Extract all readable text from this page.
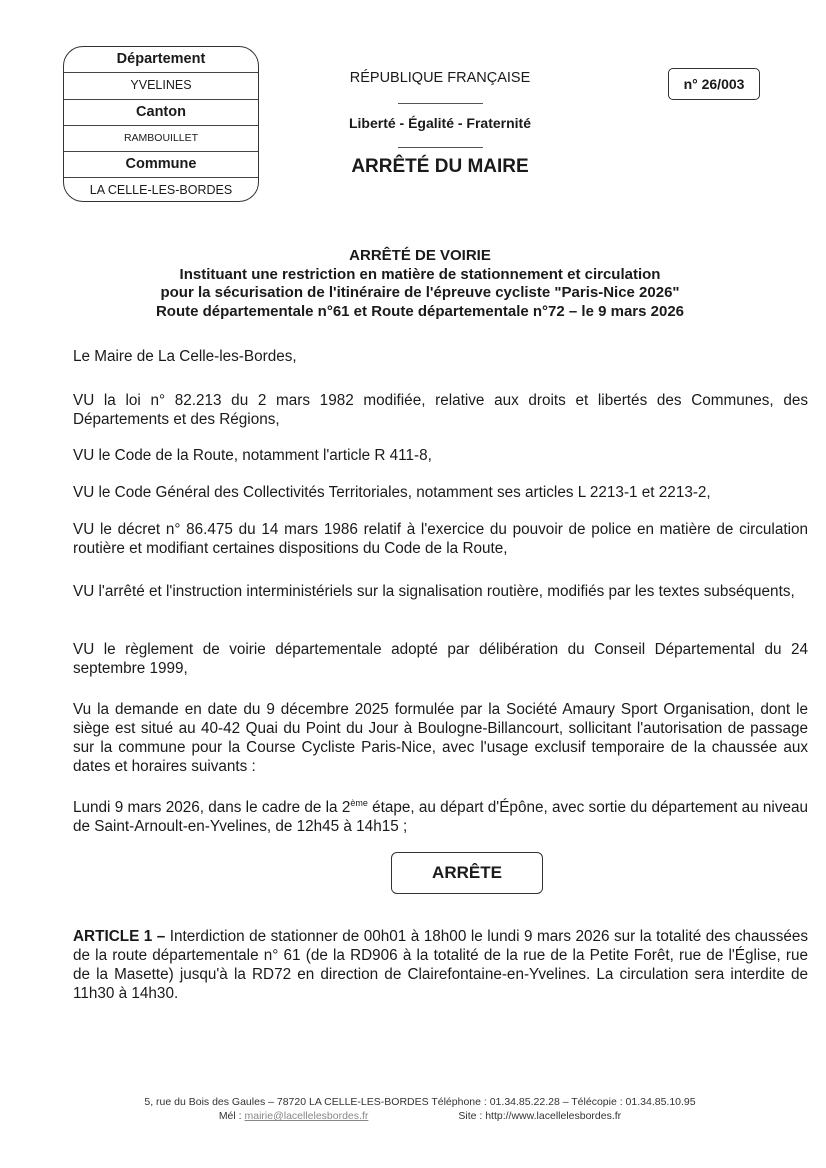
Département
YVELINES
Canton
RAMBOUILLET
Commune
LA CELLE-LES-BORDES
RÉPUBLIQUE FRANÇAISE
Liberté - Égalité - Fraternité
ARRÊTÉ DU MAIRE
n° 26/003
ARRÊTÉ DE VOIRIE
Instituant une restriction en matière de stationnement et circulation
pour la sécurisation de l'itinéraire de l'épreuve cycliste "Paris-Nice 2026"
Route départementale n°61 et Route départementale n°72 – le 9 mars 2026
Le Maire de La Celle-les-Bordes,
VU la loi n° 82.213 du 2 mars 1982 modifiée, relative aux droits et libertés des Communes, des Départements et des Régions,
VU le Code de la Route, notamment l'article R 411-8,
VU le Code Général des Collectivités Territoriales, notamment ses articles L 2213-1 et 2213-2,
VU le décret n° 86.475 du 14 mars 1986 relatif à l'exercice du pouvoir de police en matière de circulation routière et modifiant certaines dispositions du Code de la Route,
VU l'arrêté et l'instruction interministériels sur la signalisation routière, modifiés par les textes subséquents,
VU le règlement de voirie départementale adopté par délibération du Conseil Départemental du 24 septembre 1999,
Vu la demande en date du 9 décembre 2025 formulée par la Société Amaury Sport Organisation, dont le siège est situé au 40-42 Quai du Point du Jour à Boulogne-Billancourt, sollicitant l'autorisation de passage sur la commune pour la Course Cycliste Paris-Nice, avec l'usage exclusif temporaire de la chaussée aux dates et horaires suivants :
Lundi 9 mars 2026, dans le cadre de la 2ème étape, au départ d'Épône, avec sortie du département au niveau de Saint-Arnoult-en-Yvelines, de 12h45 à 14h15 ;
ARRÊTE
ARTICLE 1 – Interdiction de stationner de 00h01 à 18h00 le lundi 9 mars 2026 sur la totalité des chaussées de la route départementale n° 61 (de la RD906 à la totalité de la rue de la Petite Forêt, rue de l'Église, rue de la Masette) jusqu'à la RD72 en direction de Clairefontaine-en-Yvelines. La circulation sera interdite de 11h30 à 14h30.
5, rue du Bois des Gaules – 78720 LA CELLE-LES-BORDES Téléphone : 01.34.85.22.28 – Télécopie : 01.34.85.10.95
Mél : mairie@lacellelesbordes.fr	Site : http://www.lacellelesbordes.fr
